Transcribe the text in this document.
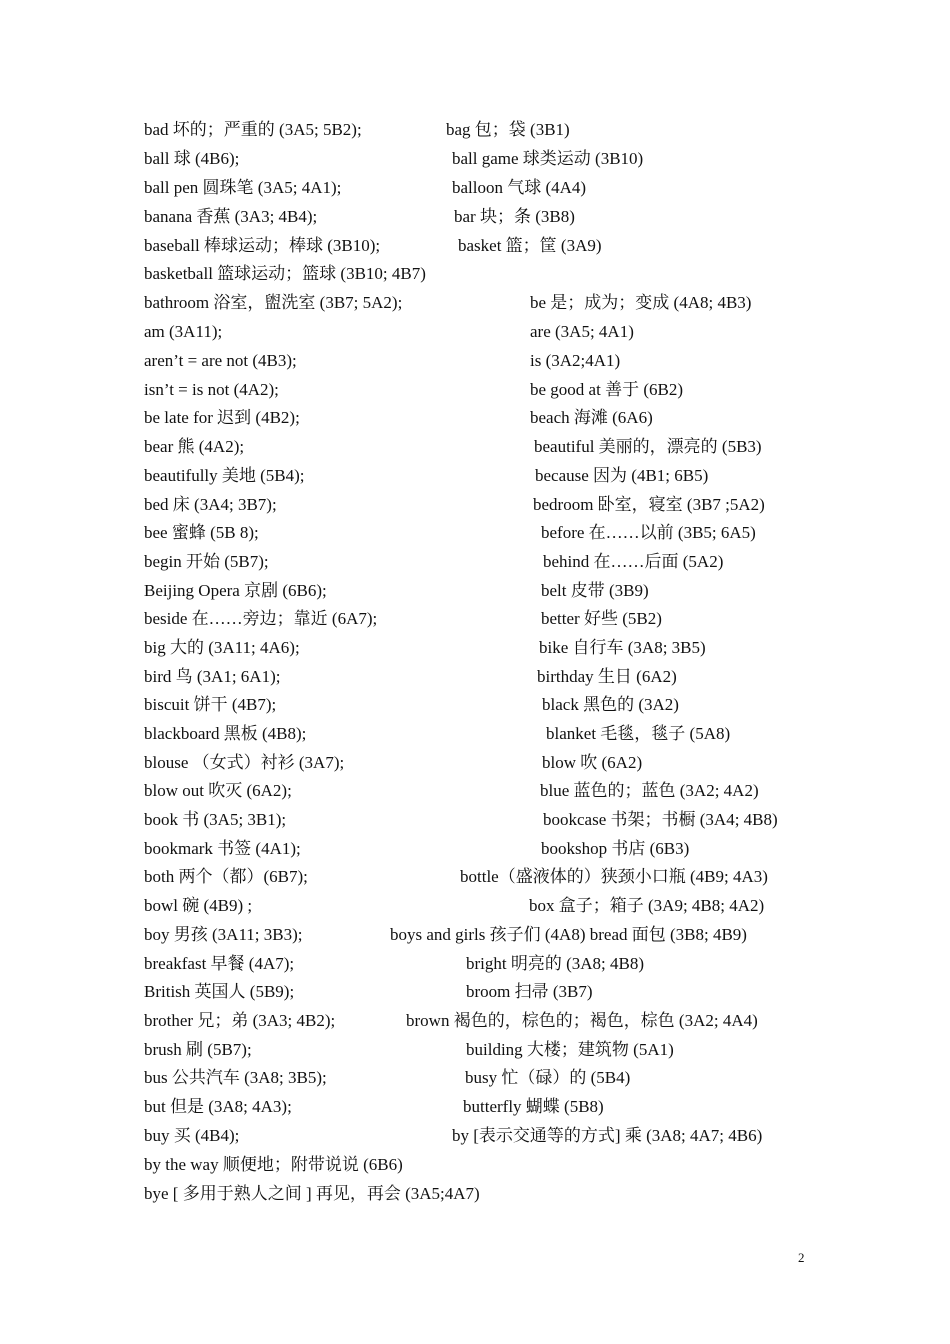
bad 坏的；严重的 (3A5; 5B2);	bag 包；袋 (3B1)
ball 球 (4B6);	ball game 球类运动 (3B10)
ball pen 圆珠笔 (3A5; 4A1);	balloon 气球 (4A4)
banana 香蕉 (3A3; 4B4);	bar 块；条 (3B8)
baseball 棒球运动；棒球 (3B10);	basket 篮；筐 (3A9)
basketball 篮球运动；篮球 (3B10; 4B7)
bathroom 浴室，盥洗室 (3B7; 5A2);	be 是；成为；变成 (4A8; 4B3)
am (3A11);	are (3A5; 4A1)
aren’t = are not (4B3);	is (3A2;4A1)
isn’t = is not (4A2);	be good at 善于 (6B2)
be late for 迟到 (4B2);	beach 海滩 (6A6)
bear 熊 (4A2);	beautiful 美丽的，漂亮的 (5B3)
beautifully 美地 (5B4);	because 因为 (4B1; 6B5)
bed 床 (3A4; 3B7);	bedroom 卧室，寝室 (3B7 ;5A2)
bee 蜜蜂 (5B 8);	before 在……以前 (3B5; 6A5)
begin 开始 (5B7);	behind 在……后面 (5A2)
Beijing Opera 京剧 (6B6);	belt 皮带 (3B9)
beside 在……旁边；靠近 (6A7);	better 好些 (5B2)
big 大的 (3A11; 4A6);	bike 自行车 (3A8; 3B5)
bird 鸟 (3A1; 6A1);	birthday 生日 (6A2)
biscuit 饼干 (4B7);	black 黑色的 (3A2)
blackboard 黑板 (4B8);	blanket 毛毯，毯子 (5A8)
blouse （女式）衬衫 (3A7);	blow 吹 (6A2)
blow out 吹灭 (6A2);	blue 蓝色的；蓝色 (3A2; 4A2)
book 书 (3A5; 3B1);	bookcase 书架；书橱 (3A4; 4B8)
bookmark 书签 (4A1);	bookshop 书店 (6B3)
both 两个（都）(6B7);	bottle（盛液体的）狭颈小口瓶 (4B9; 4A3)
bowl 碗 (4B9) ;	box 盒子；箱子 (3A9; 4B8; 4A2)
boy 男孩 (3A11; 3B3);	boys and girls 孩子们 (4A8) bread 面包 (3B8; 4B9)
breakfast 早餐 (4A7);	bright 明亮的 (3A8; 4B8)
British 英国人 (5B9);	broom 扫帚 (3B7)
brother 兄；弟 (3A3; 4B2);	brown 褐色的，棕色的；褐色，棕色 (3A2; 4A4)
brush 刷 (5B7);	building 大楼；建筑物 (5A1)
bus 公共汽车 (3A8; 3B5);	busy 忙（碌）的 (5B4)
but 但是 (3A8; 4A3);	butterfly 蝴蝶 (5B8)
buy 买 (4B4);	by [表示交通等的方式] 乘 (3A8; 4A7; 4B6)
by the way 顺便地；附带说说 (6B6)
bye [ 多用于熟人之间 ] 再见，再会 (3A5;4A7)
2
